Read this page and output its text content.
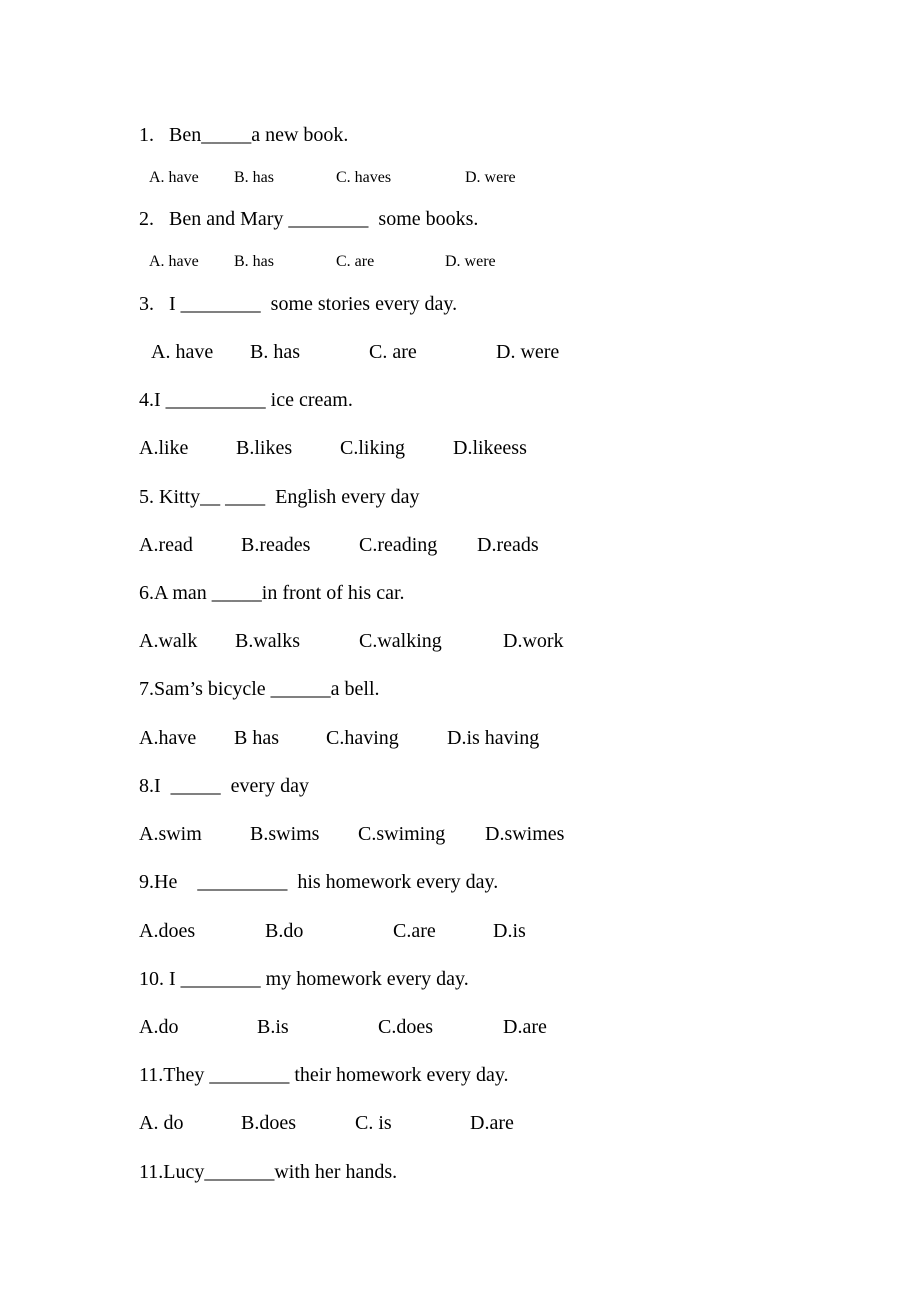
1.   Ben_____a new book.
A. have B. has	C. haves	D. were
2.   Ben and Mary ________  some books.
A. have B. has	C. are	D. were
3.   I ________  some stories every day.
A. have B. has	C. are	D. were
4.I __________ ice cream.
A.like B.likes C.liking D.likeess
5. Kitty__ ____  English every day
A.read B.reades C.reading D.reads
6.A man _____in front of his car.
A.walk B.walks	C.walking	D.work
7.Sam’s bicycle ______a bell.
A.have B has C.having D.is having
8.I  _____  every day
A.swim B.swims C.swiming D.swimes
9.He    _________  his homework every day.
A.does	B.do	C.are	D.is
10. I ________ my homework every day.
A.do	B.is	C.does	D.are
11.They ________ their homework every day.
A. do	B.does	C. is	D.are
11.Lucy_______with her hands.
